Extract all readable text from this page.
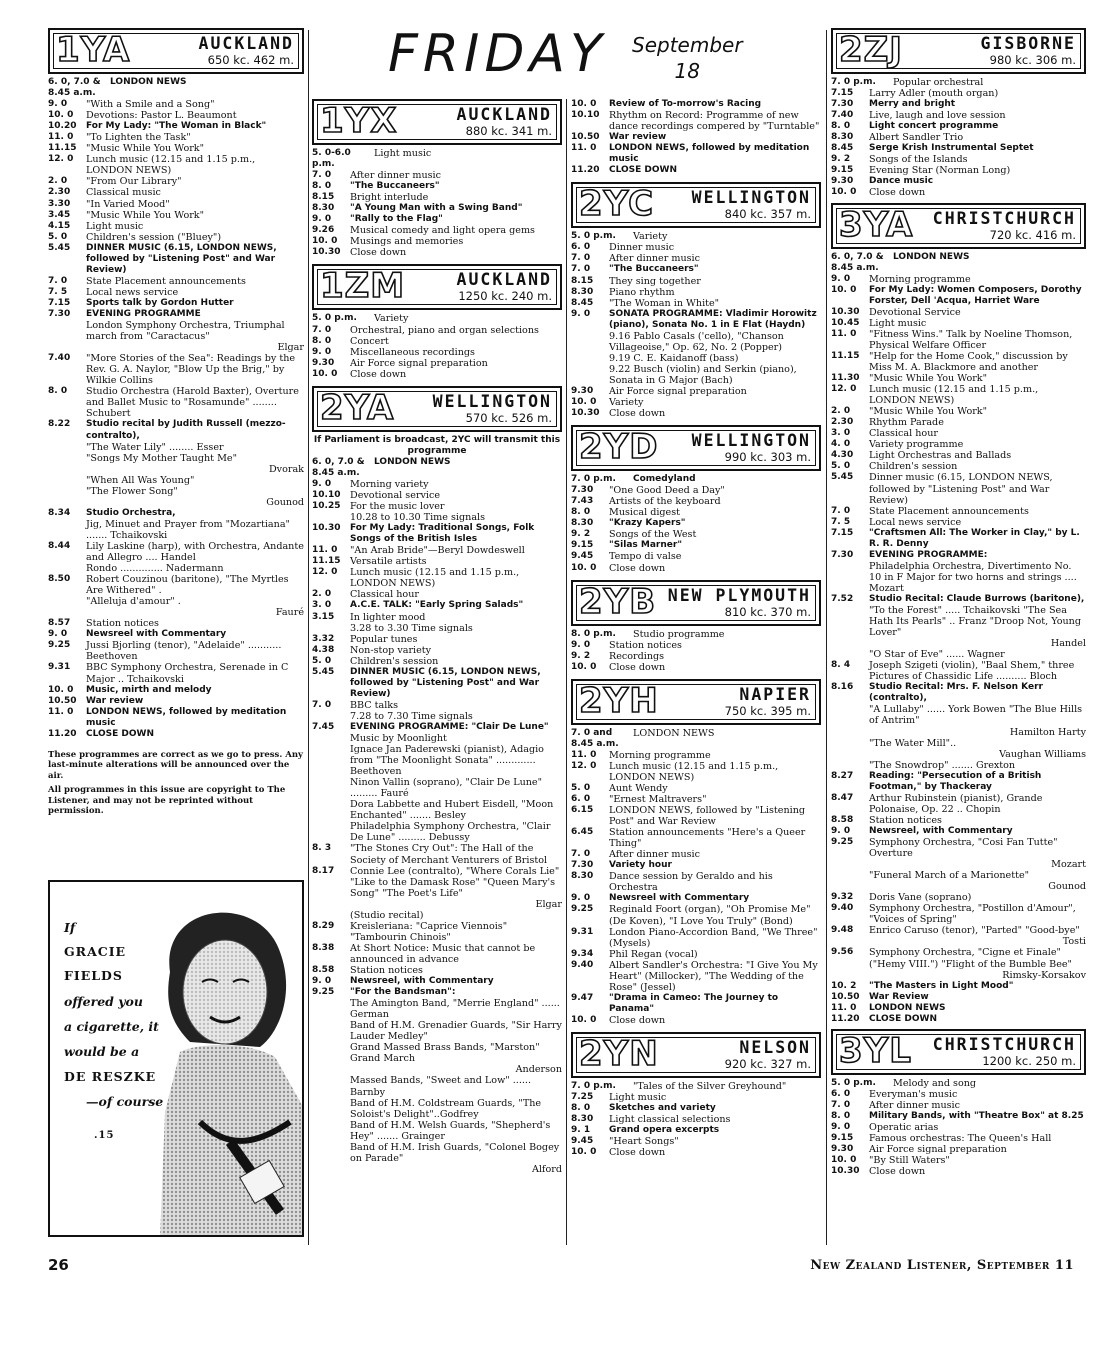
FRIDAY September
18
1YA	AUCKLAND
650 kc. 462 m.
6. 0, 7.0 & 8.45 a.m.
LONDON NEWS
9. 0	"With a Smile and a Song"
10. 0	Devotions: Pastor L. Beaumont
10.20	For My Lady: "The Woman in Black"
11. 0	"To Lighten the Task"
11.15 "Music While You Work"
12. 0	Lunch music (12.15 and 1.15 p.m., LONDON NEWS)
2. 0	"From Our Library"
2.30	Classical music
3.30	"In Varied Mood"
3.45	"Music While You Work"
4.15	Light music
5. 0	Children's session ("Bluey")
5.45	DINNER MUSIC (6.15, LONDON NEWS, followed by "Listening Post" and War Review)
7. 0	State Placement announcements
7. 5	Local news service
7.15	Sports talk by Gordon Hutter
7.30	EVENING PROGRAMME
London Symphony Orchestra, Triumphal march from "Caractacus"
Elgar
7.40	"More Stories of the Sea": Readings by the Rev. G. A. Naylor, "Blow Up the Brig," by Wilkie Collins
8. 0	Studio Orchestra (Harold Baxter), Overture and Ballet Music to "Rosamunde" ........ Schubert
8.22	Studio recital by Judith Russell (mezzo-contralto),
"The Water Lily" ........ Esser
"Songs My Mother Taught Me"
Dvorak
"When All Was Young"
"The Flower Song"
Gounod
8.34	Studio Orchestra,
Jig, Minuet and Prayer from "Mozartiana" ....... Tchaikovski
8.44	Lily Laskine (harp), with Orchestra, Andante and Allegro .... Handel
Rondo .............. Nadermann
8.50	Robert Couzinou (baritone), "The Myrtles Are Withered" .
"Alleluja d'amour" .
Fauré
8.57	Station notices
9. 0	Newsreel with Commentary
9.25	Jussi Bjorling (tenor), "Adelaide" ........... Beethoven
9.31	BBC Symphony Orchestra, Serenade in C Major .. Tchaikovski
10. 0	Music, mirth and melody
10.50	War review
11. 0	LONDON NEWS, followed by meditation music
11.20	CLOSE DOWN

These programmes are correct as we go to press. Any last-minute alterations will be announced over the air.

All programmes in this issue are copyright to The Listener, and may not be reprinted without permission.

If
GRACIE
FIELDS
offered you
a cigarette, it
would be a
DE RESZKE
—of course
.15
1YX	AUCKLAND
880 kc. 341 m.
5. 0-6.0 p.m.
Light music
7. 0	After dinner music
8. 0	"The Buccaneers"
8.15	Bright interlude
8.30	"A Young Man with a Swing Band"
9. 0	"Rally to the Flag"
9.26	Musical comedy and light opera gems
10. 0	Musings and memories
10.30 Close down
1ZM	AUCKLAND
1250 kc. 240 m.
5. 0 p.m.	Variety
7. 0	Orchestral, piano and organ selections
8. 0	Concert
9. 0	Miscellaneous recordings
9.30	Air Force signal preparation
10. 0	Close down
2YA WELLINGTON
570 kc. 526 m.
If Parliament is broadcast, 2YC will transmit this programme
6. 0, 7.0 & 8.45 a.m.
LONDON NEWS
9. 0	Morning variety
10.10 Devotional service
10.25 For the music lover
10.28 to 10.30 Time signals
10.30	For My Lady: Traditional Songs, Folk Songs of the British Isles
11. 0	"An Arab Bride"—Beryl Dowdeswell
11.15 Versatile artists
12. 0	Lunch music (12.15 and 1.15 p.m., LONDON NEWS)
2. 0	Classical hour
3. 0	A.C.E. TALK: "Early Spring Salads"
3.15	In lighter mood
3.28 to 3.30 Time signals
3.32	Popular tunes
4.38	Non-stop variety
5. 0	Children's session
5.45	DINNER MUSIC (6.15, LONDON NEWS, followed by "Listening Post" and War Review)
7. 0	BBC talks
7.28 to 7.30 Time signals
7.45	EVENING PROGRAMME: "Clair De Lune"
Music by Moonlight
Ignace Jan Paderewski (pianist), Adagio from "The Moonlight Sonata" ............. Beethoven
Ninon Vallin (soprano), "Clair De Lune" ......... Fauré
Dora Labbette and Hubert Eisdell, "Moon Enchanted" ....... Besley
Philadelphia Symphony Orchestra, "Clair De Lune" ......... Debussy
8. 3	"The Stones Cry Out": The Hall of the Society of Merchant Venturers of Bristol
8.17	Connie Lee (contralto), "Where Corals Lie" "Like to the Damask Rose" "Queen Mary's Song" "The Poet's Life"
Elgar
(Studio recital)
8.29	Kreisleriana: "Caprice Viennois" "Tambourin Chinois"
8.38	At Short Notice: Music that cannot be announced in advance
8.58	Station notices
9. 0	Newsreel, with Commentary
9.25	"For the Bandsman":
The Amington Band, "Merrie England" ...... German
Band of H.M. Grenadier Guards, "Sir Harry Lauder Medley"
Grand Massed Brass Bands, "Marston" Grand March
Anderson
Massed Bands, "Sweet and Low" ...... Barnby
Band of H.M. Coldstream Guards, "The Soloist's Delight"..Godfrey
Band of H.M. Welsh Guards, "Shepherd's Hey" ....... Grainger
Band of H.M. Irish Guards, "Colonel Bogey on Parade"
Alford
10. 0	Review of To-morrow's Racing
10.10 Rhythm on Record: Programme of new dance recordings compered by "Turntable"
10.50	War review
11. 0	LONDON NEWS, followed by meditation music
11.20	CLOSE DOWN
2YC WELLINGTON
840 kc. 357 m.
5. 0 p.m.	Variety
6. 0	Dinner music
7. 0	After dinner music
7. 0	"The Buccaneers"
8.15	They sing together
8.30	Piano rhythm
8.45	"The Woman in White"
9. 0	SONATA PROGRAMME: Vladimir Horowitz (piano), Sonata No. 1 in E Flat (Haydn)
9.16 Pablo Casals ('cello), "Chanson Villageoise," Op. 62, No. 2 (Popper)
9.19 C. E. Kaidanoff (bass)
9.22 Busch (violin) and Serkin (piano), Sonata in G Major (Bach)
9.30	Air Force signal preparation
10. 0	Variety
10.30 Close down
2YD WELLINGTON
990 kc. 303 m.
7. 0 p.m.	Comedyland
7.30	"One Good Deed a Day"
7.43	Artists of the keyboard
8. 0	Musical digest
8.30	"Krazy Kapers"
9. 2	Songs of the West
9.15	"Silas Marner"
9.45	Tempo di valse
10. 0	Close down
2YB NEW PLYMOUTH
810 kc. 370 m.
8. 0 p.m.	Studio programme
9. 0	Station notices
9. 2	Recordings
10. 0	Close down
2YH	NAPIER
750 kc. 395 m.
7. 0 and 8.45 a.m.
LONDON NEWS
11. 0	Morning programme
12. 0	Lunch music (12.15 and 1.15 p.m., LONDON NEWS)
5. 0	Aunt Wendy
6. 0	"Ernest Maltravers"
6.15	LONDON NEWS, followed by "Listening Post" and War Review
6.45	Station announcements "Here's a Queer Thing"
7. 0	After dinner music
7.30	Variety hour
8.30	Dance session by Geraldo and his Orchestra
9. 0	Newsreel with Commentary
9.25	Reginald Foort (organ), "Oh Promise Me" (De Koven), "I Love You Truly" (Bond)
9.31	London Piano-Accordion Band, "We Three" (Mysels)
9.34	Phil Regan (vocal)
9.40	Albert Sandler's Orchestra: "I Give You My Heart" (Millocker), "The Wedding of the Rose" (Jessel)
9.47	"Drama in Cameo: The Journey to Panama"
10. 0	Close down
2YN	NELSON
920 kc. 327 m.
7. 0 p.m.	"Tales of the Silver Greyhound"
7.25	Light music
8. 0	Sketches and variety
8.30	Light classical selections
9. 1	Grand opera excerpts
9.45	"Heart Songs"
10. 0	Close down
2ZJ	GISBORNE
980 kc. 306 m.
7. 0 p.m.	Popular orchestral
7.15	Larry Adler (mouth organ)
7.30	Merry and bright
7.40	Live, laugh and love session
8. 0	Light concert programme
8.30	Albert Sandler Trio
8.45	Serge Krish Instrumental Septet
9. 2	Songs of the Islands
9.15	Evening Star (Norman Long)
9.30	Dance music
10. 0	Close down
3YA CHRISTCHURCH
720 kc. 416 m.
6. 0, 7.0 & 8.45 a.m.
LONDON NEWS
9. 0	Morning programme
10. 0	For My Lady: Women Composers, Dorothy Forster, Dell 'Acqua, Harriet Ware
10.30 Devotional Service
10.45 Light music
11. 0	"Fitness Wins." Talk by Noeline Thomson, Physical Welfare Officer
11.15 "Help for the Home Cook," discussion by Miss M. A. Blackmore and another
11.30 "Music While You Work"
12. 0	Lunch music (12.15 and 1.15 p.m., LONDON NEWS)
2. 0	"Music While You Work"
2.30	Rhythm Parade
3. 0	Classical hour
4. 0	Variety programme
4.30	Light Orchestras and Ballads
5. 0	Children's session
5.45	Dinner music (6.15, LONDON NEWS, followed by "Listening Post" and War Review)
7. 0	State Placement announcements
7. 5	Local news service
7.15	"Craftsmen All: The Worker in Clay," by L. R. R. Denny
7.30	EVENING PROGRAMME:
Philadelphia Orchestra, Divertimento No. 10 in F Major for two horns and strings .... Mozart
7.52	Studio Recital: Claude Burrows (baritone),
"To the Forest" ..... Tchaikovski "The Sea Hath Its Pearls" .. Franz "Droop Not, Young Lover"
Handel
"O Star of Eve" ...... Wagner
8. 4	Joseph Szigeti (violin), "Baal Shem," three Pictures of Chassidic Life .......... Bloch
8.16	Studio Recital: Mrs. F. Nelson Kerr (contralto),
"A Lullaby" ...... York Bowen "The Blue Hills of Antrim"
Hamilton Harty
"The Water Mill"..
Vaughan Williams
"The Snowdrop" ....... Grexton
8.27	Reading: "Persecution of a British Footman," by Thackeray
8.47	Arthur Rubinstein (pianist), Grande Polonaise, Op. 22 .. Chopin
8.58	Station notices
9. 0	Newsreel, with Commentary
9.25	Symphony Orchestra, "Cosi Fan Tutte" Overture
Mozart
"Funeral March of a Marionette"
Gounod
9.32	Doris Vane (soprano)
9.40	Symphony Orchestra, "Postillon d'Amour", "Voices of Spring"
9.48	Enrico Caruso (tenor), "Parted" "Good-bye"
Tosti
9.56	Symphony Orchestra, "Cigne et Finale" ("Hemy VIII.") "Flight of the Bumble Bee"
Rimsky-Korsakov
10. 2	"The Masters in Light Mood"
10.50	War Review
11. 0	LONDON NEWS
11.20	CLOSE DOWN
3YL CHRISTCHURCH
1200 kc. 250 m.
5. 0 p.m.	Melody and song
6. 0	Everyman's music
7. 0	After dinner music
8. 0	Military Bands, with "Theatre Box" at 8.25
9. 0	Operatic arias
9.15	Famous orchestras: The Queen's Hall
9.30	Air Force signal preparation
10. 0	"By Still Waters"
10.30 Close down
26	New Zealand Listener, September 11
